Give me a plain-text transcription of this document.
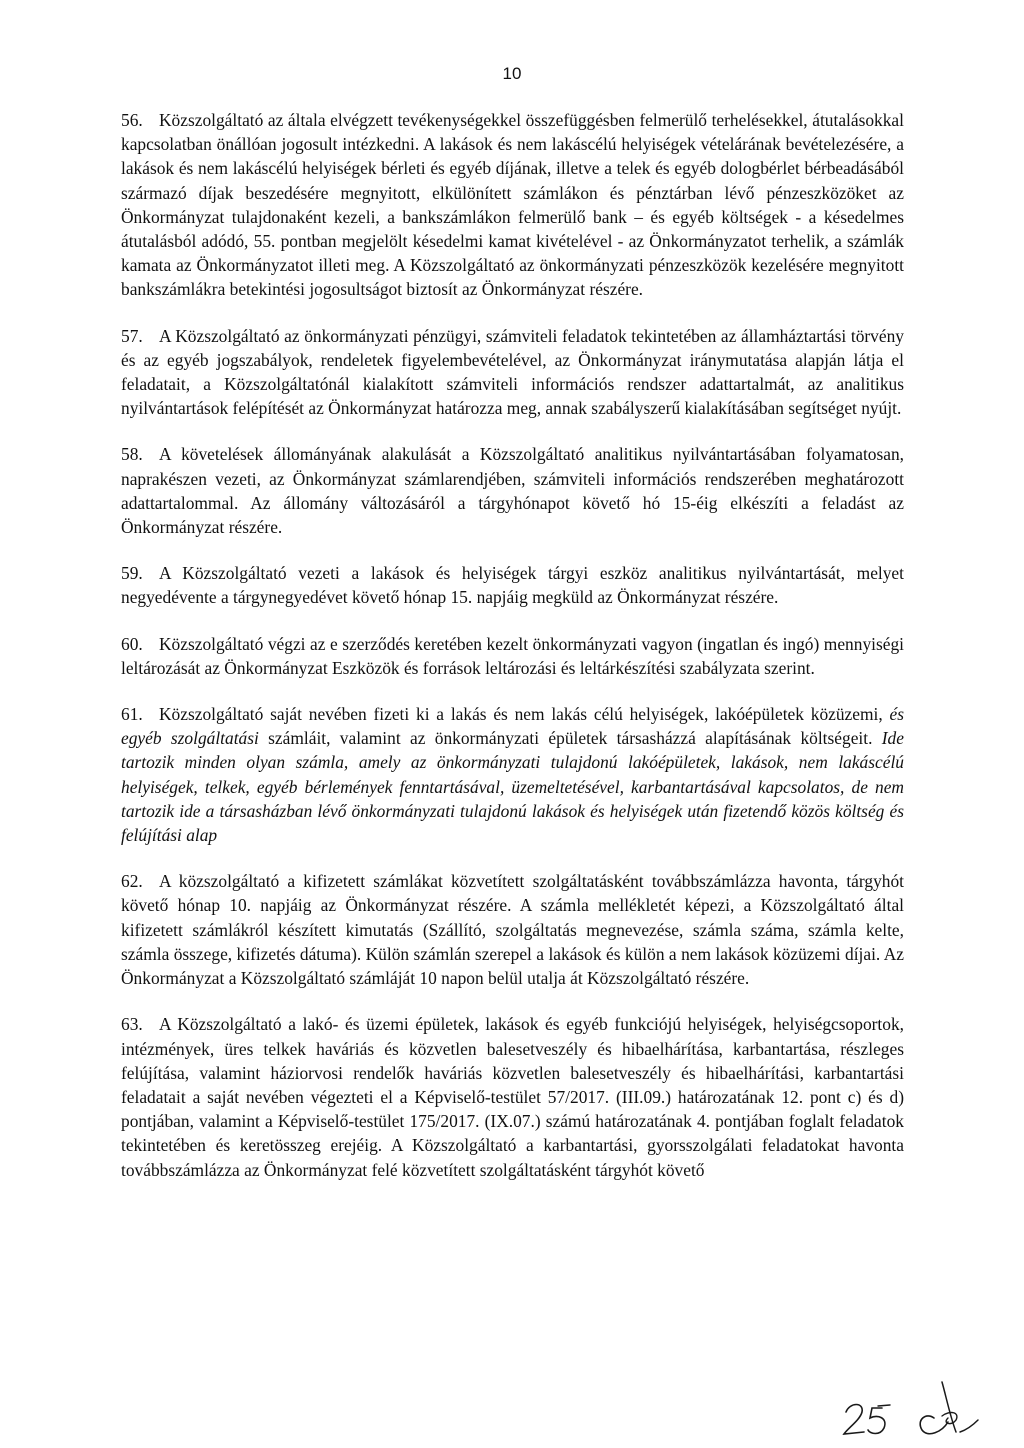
10

56. Közszolgáltató az általa elvégzett tevékenységekkel összefüggésben felmerülő terhelésekkel, átutalásokkal kapcsolatban önállóan jogosult intézkedni. A lakások és nem lakáscélú helyiségek vételárának bevételezésére, a lakások és nem lakáscélú helyiségek bérleti és egyéb díjának, illetve a telek és egyéb dologbérlet bérbeadásából származó díjak beszedésére megnyitott, elkülönített számlákon és pénztárban lévő pénzeszközöket az Önkormányzat tulajdonaként kezeli, a bankszámlákon felmerülő bank – és egyéb költségek - a késedelmes átutalásból adódó, 55. pontban megjelölt késedelmi kamat kivételével - az Önkormányzatot terhelik, a számlák kamata az Önkormányzatot illeti meg. A Közszolgáltató az önkormányzati pénzeszközök kezelésére megnyitott bankszámlákra betekintési jogosultságot biztosít az Önkormányzat részére.

57. A Közszolgáltató az önkormányzati pénzügyi, számviteli feladatok tekintetében az államháztartási törvény és az egyéb jogszabályok, rendeletek figyelembevételével, az Önkormányzat iránymutatása alapján látja el feladatait, a Közszolgáltatónál kialakított számviteli információs rendszer adattartalmát, az analitikus nyilvántartások felépítését az Önkormányzat határozza meg, annak szabályszerű kialakításában segítséget nyújt.

58. A követelések állományának alakulását a Közszolgáltató analitikus nyilvántartásában folyamatosan, naprakészen vezeti, az Önkormányzat számlarendjében, számviteli információs rendszerében meghatározott adattartalommal. Az állomány változásáról a tárgyhónapot követő hó 15-éig elkészíti a feladást az Önkormányzat részére.

59. A Közszolgáltató vezeti a lakások és helyiségek tárgyi eszköz analitikus nyilvántartását, melyet negyedévente a tárgynegyedévet követő hónap 15. napjáig megküld az Önkormányzat részére.

60. Közszolgáltató végzi az e szerződés keretében kezelt önkormányzati vagyon (ingatlan és ingó) mennyiségi leltározását az Önkormányzat Eszközök és források leltározási és leltárkészítési szabályzata szerint.

61. Közszolgáltató saját nevében fizeti ki a lakás és nem lakás célú helyiségek, lakóépületek közüzemi, és egyéb szolgáltatási számláit, valamint az önkormányzati épületek társasházzá alapításának költségeit. Ide tartozik minden olyan számla, amely az önkormányzati tulajdonú lakóépületek, lakások, nem lakáscélú helyiségek, telkek, egyéb bérlemények fenntartásával, üzemeltetésével, karbantartásával kapcsolatos, de nem tartozik ide a társasházban lévő önkormányzati tulajdonú lakások és helyiségek után fizetendő közös költség és felújítási alap

62. A közszolgáltató a kifizetett számlákat közvetített szolgáltatásként továbbszámlázza havonta, tárgyhót követő hónap 10. napjáig az Önkormányzat részére. A számla mellékletét képezi, a Közszolgáltató által kifizetett számlákról készített kimutatás (Szállító, szolgáltatás megnevezése, számla száma, számla kelte, számla összege, kifizetés dátuma). Külön számlán szerepel a lakások és külön a nem lakások közüzemi díjai. Az Önkormányzat a Közszolgáltató számláját 10 napon belül utalja át Közszolgáltató részére.

63. A Közszolgáltató a lakó- és üzemi épületek, lakások és egyéb funkciójú helyiségek, helyiségcsoportok, intézmények, üres telkek haváriás és közvetlen balesetveszély és hibaelhárítása, karbantartása, részleges felújítása, valamint háziorvosi rendelők haváriás közvetlen balesetveszély és hibaelhárítási, karbantartási feladatait a saját nevében végezteti el a Képviselő-testület 57/2017. (III.09.) határozatának 12. pont c) és d) pontjában, valamint a Képviselő-testület 175/2017. (IX.07.) számú határozatának 4. pontjában foglalt feladatok tekintetében és keretösszeg erejéig. A Közszolgáltató a karbantartási, gyorsszolgálati feladatokat havonta továbbszámlázza az Önkormányzat felé közvetített szolgáltatásként tárgyhót követő
